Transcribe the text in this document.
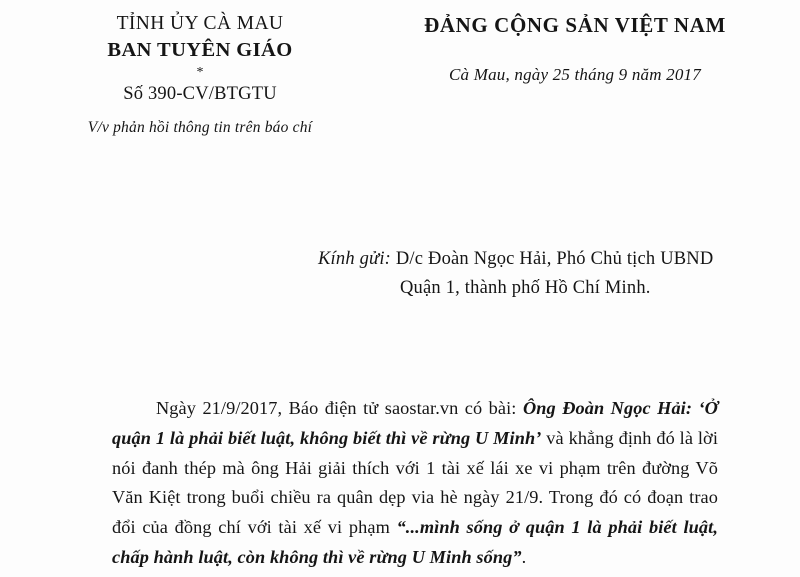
TỈNH ỦY CÀ MAU
BAN TUYÊN GIÁO
*
Số 390-CV/BTGTU
V/v phản hồi thông tin trên báo chí
ĐẢNG CỘNG SẢN VIỆT NAM
Cà Mau, ngày 25 tháng 9 năm 2017
Kính gửi: D/c Đoàn Ngọc Hải, Phó Chủ tịch UBND
Quận 1, thành phố Hồ Chí Minh.

Ngày 21/9/2017, Báo điện tử saostar.vn có bài: Ông Đoàn Ngọc Hải: ‘Ở quận 1 là phải biết luật, không biết thì về rừng U Minh’ và khẳng định đó là lời nói đanh thép mà ông Hải giải thích với 1 tài xế lái xe vi phạm trên đường Võ Văn Kiệt trong buổi chiều ra quân dẹp via hè ngày 21/9. Trong đó có đoạn trao đổi của đồng chí với tài xế vi phạm “...mình sống ở quận 1 là phải biết luật, chấp hành luật, còn không thì về rừng U Minh sống”.
